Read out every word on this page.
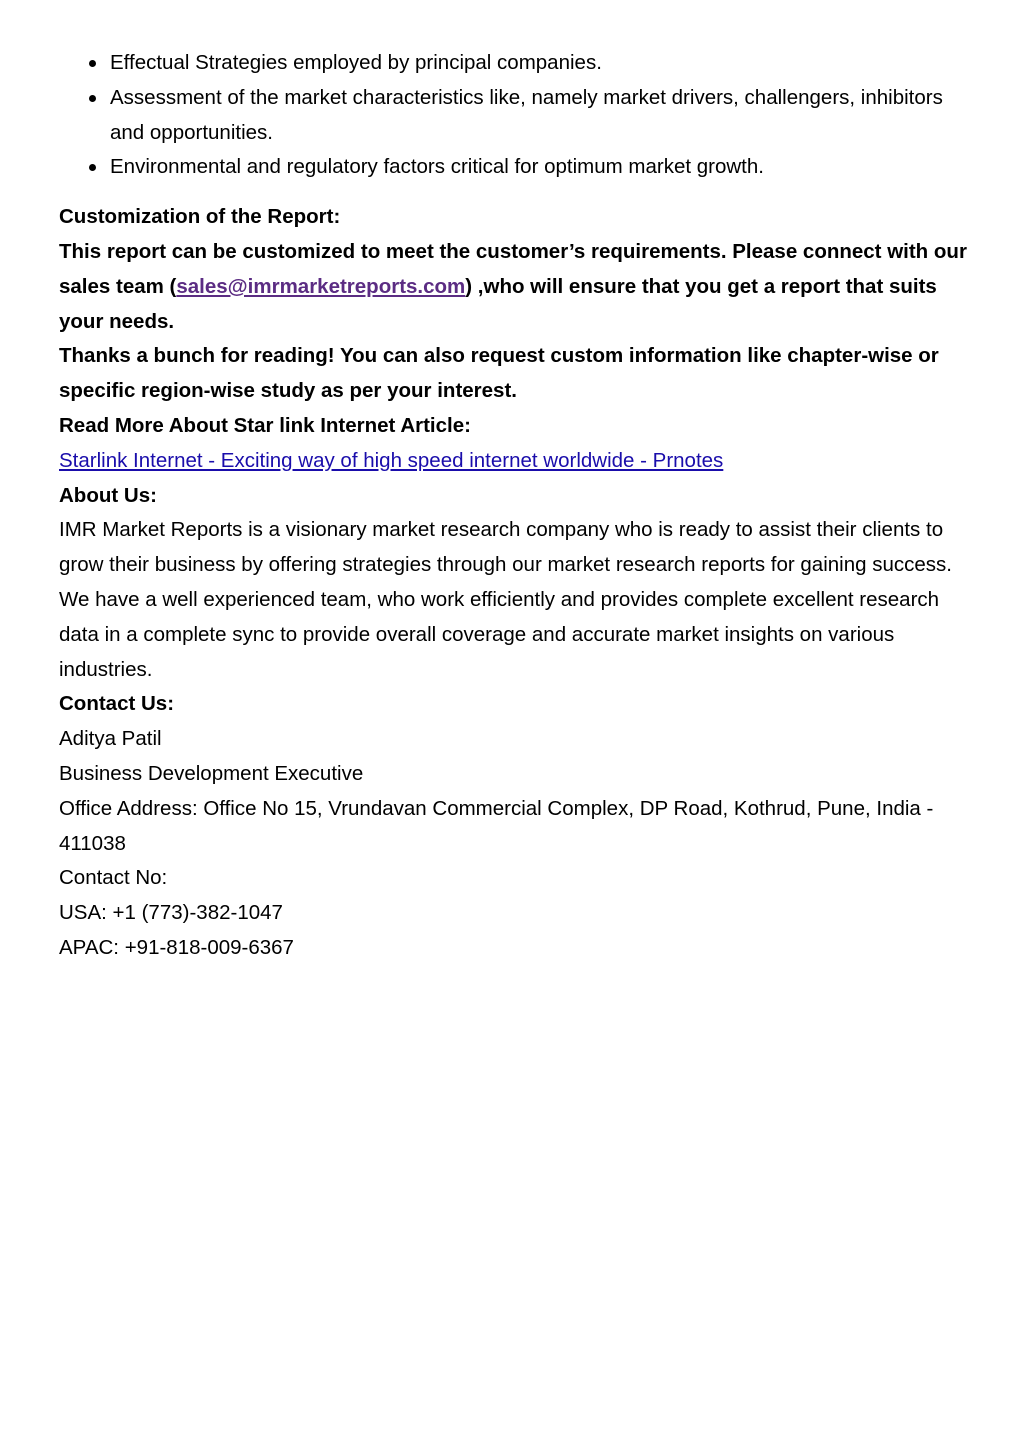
Effectual Strategies employed by principal companies.
Assessment of the market characteristics like, namely market drivers, challengers, inhibitors and opportunities.
Environmental and regulatory factors critical for optimum market growth.

Customization of the Report:

This report can be customized to meet the customer’s requirements. Please connect with our sales team (sales@imrmarketreports.com) ,who will ensure that you get a report that suits your needs.

Thanks a bunch for reading! You can also request custom information like chapter-wise or specific region-wise study as per your interest.

Read More About Star link Internet Article:

Starlink Internet - Exciting way of high speed internet worldwide - Prnotes

About Us:

IMR Market Reports is a visionary market research company who is ready to assist their clients to grow their business by offering strategies through our market research reports for gaining success. We have a well experienced team, who work efficiently and provides complete excellent research data in a complete sync to provide overall coverage and accurate market insights on various industries.

Contact Us:

Aditya Patil

Business Development Executive

Office Address: Office No 15, Vrundavan Commercial Complex, DP Road, Kothrud, Pune, India - 411038

Contact No:

USA: +1 (773)-382-1047

APAC: +91-818-009-6367
